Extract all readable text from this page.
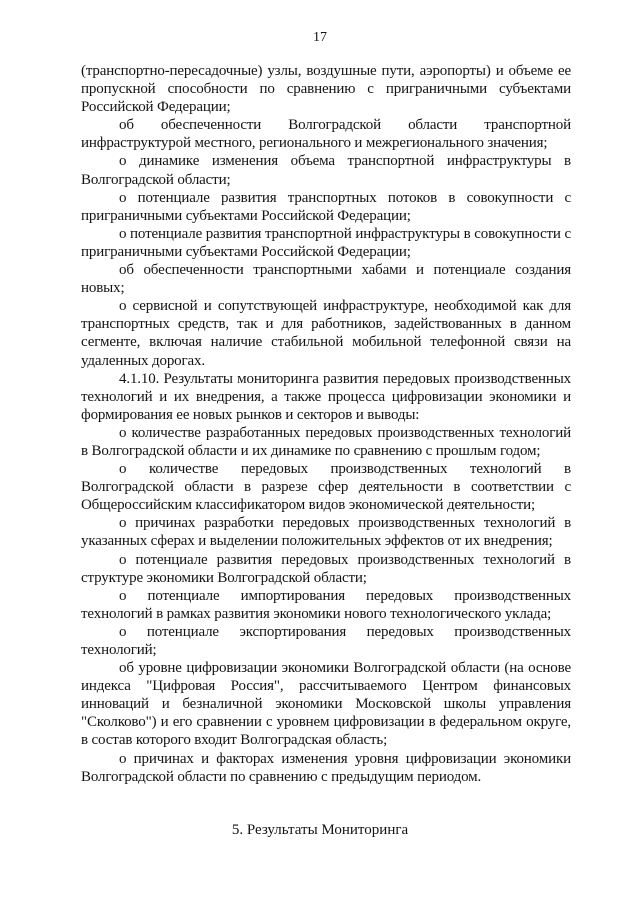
17

(транспортно-пересадочные) узлы, воздушные пути, аэропорты) и объеме ее пропускной способности по сравнению с приграничными субъектами Российской Федерации;

об обеспеченности Волгоградской области транспортной инфраструктурой местного, регионального и межрегионального значения;

о динамике изменения объема транспортной инфраструктуры в Волгоградской области;

о потенциале развития транспортных потоков в совокупности с приграничными субъектами Российской Федерации;

о потенциале развития транспортной инфраструктуры в совокупности с приграничными субъектами Российской Федерации;

об обеспеченности транспортными хабами и потенциале создания новых;

о сервисной и сопутствующей инфраструктуре, необходимой как для транспортных средств, так и для работников, задействованных в данном сегменте, включая наличие стабильной мобильной телефонной связи на удаленных дорогах.

4.1.10. Результаты мониторинга развития передовых производственных технологий и их внедрения, а также процесса цифровизации экономики и формирования ее новых рынков и секторов и выводы:

о количестве разработанных передовых производственных технологий в Волгоградской области и их динамике по сравнению с прошлым годом;

о количестве передовых производственных технологий в Волгоградской области в разрезе сфер деятельности в соответствии с Общероссийским классификатором видов экономической деятельности;

о причинах разработки передовых производственных технологий в указанных сферах и выделении положительных эффектов от их внедрения;

о потенциале развития передовых производственных технологий в структуре экономики Волгоградской области;

о потенциале импортирования передовых производственных технологий в рамках развития экономики нового технологического уклада;

о потенциале экспортирования передовых производственных технологий;

об уровне цифровизации экономики Волгоградской области (на основе индекса "Цифровая Россия", рассчитываемого Центром финансовых инноваций и безналичной экономики Московской школы управления "Сколково") и его сравнении с уровнем цифровизации в федеральном округе, в состав которого входит Волгоградская область;

о причинах и факторах изменения уровня цифровизации экономики Волгоградской области по сравнению с предыдущим периодом.

5. Результаты Мониторинга
